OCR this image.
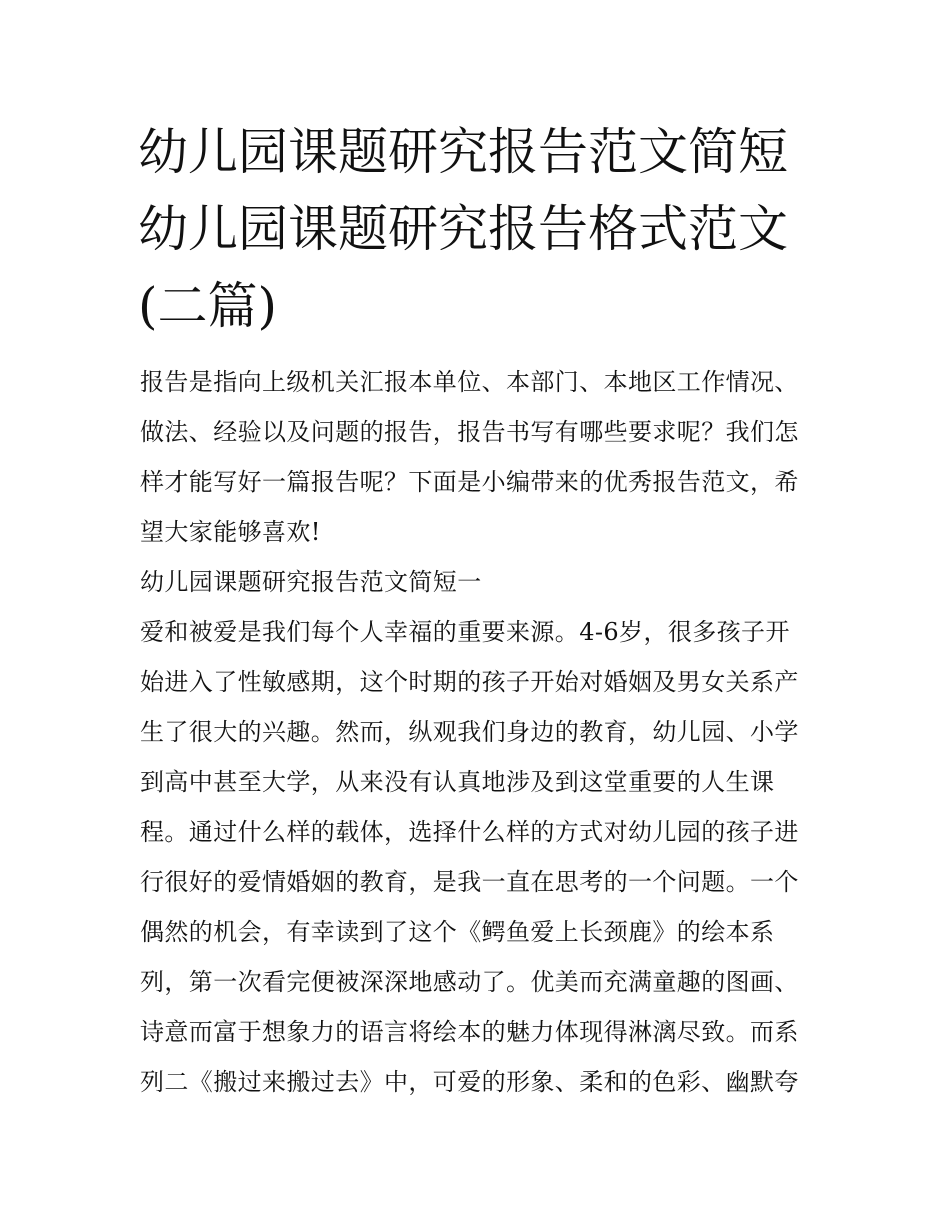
幼儿园课题研究报告范文简短
幼儿园课题研究报告格式范文
(二篇)

报告是指向上级机关汇报本单位、本部门、本地区工作情况、
做法、经验以及问题的报告，报告书写有哪些要求呢？我们怎
样才能写好一篇报告呢？下面是小编带来的优秀报告范文，希
望大家能够喜欢!

幼儿园课题研究报告范文简短一

爱和被爱是我们每个人幸福的重要来源。4-6岁，很多孩子开
始进入了性敏感期，这个时期的孩子开始对婚姻及男女关系产
生了很大的兴趣。然而，纵观我们身边的教育，幼儿园、小学
到高中甚至大学，从来没有认真地涉及到这堂重要的人生课
程。通过什么样的载体，选择什么样的方式对幼儿园的孩子进
行很好的爱情婚姻的教育，是我一直在思考的一个问题。一个
偶然的机会，有幸读到了这个《鳄鱼爱上长颈鹿》的绘本系
列，第一次看完便被深深地感动了。优美而充满童趣的图画、
诗意而富于想象力的语言将绘本的魅力体现得淋漓尽致。而系
列二《搬过来搬过去》中，可爱的形象、柔和的色彩、幽默夸
